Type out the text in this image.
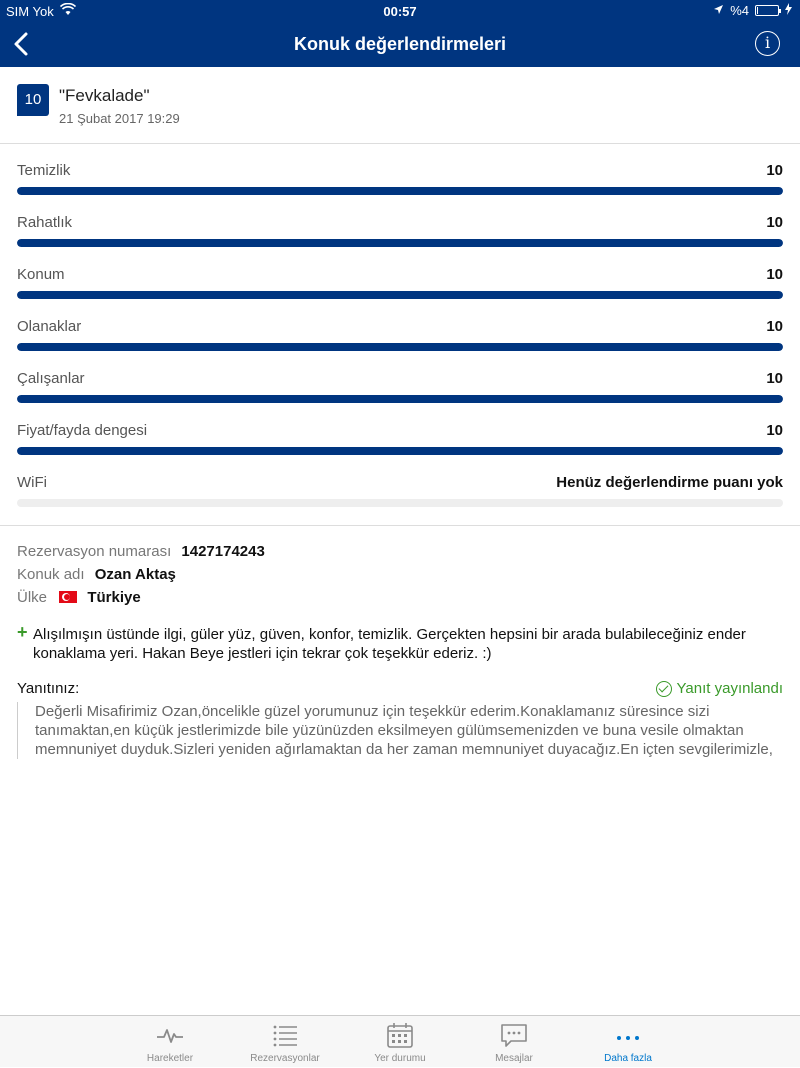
SIM Yok	00:57	%4
Konuk değerlendirmeleri	i
10	"Fevkalade"
21 Şubat 2017 19:29
Temizlik	10
Rahatlık	10
Konum	10
Olanaklar	10
Çalışanlar	10
Fiyat/fayda dengesi	10
WiFi	Henüz değerlendirme puanı yok
Rezervasyon numarası 1427174243
Konuk adı Ozan Aktaş
Ülke	Türkiye
+ Alışılmışın üstünde ilgi, güler yüz, güven, konfor, temizlik. Gerçekten hepsini bir arada bulabileceğiniz ender konaklama yeri. Hakan Beye jestleri için tekrar çok teşekkür ederiz. :)
Yanıtınız:	Yanıt yayınlandı
Değerli Misafirimiz Ozan,öncelikle güzel yorumunuz için teşekkür ederim.Konaklamanız süresince sizi tanımaktan,en küçük jestlerimizde bile yüzünüzden eksilmeyen gülümsemenizden ve buna vesile olmaktan memnuniyet duyduk.Sizleri yeniden ağırlamaktan da her zaman memnuniyet duyacağız.En içten sevgilerimizle,
Hareketler	Rezervasyonlar	Yer durumu	Mesajlar	Daha fazla
